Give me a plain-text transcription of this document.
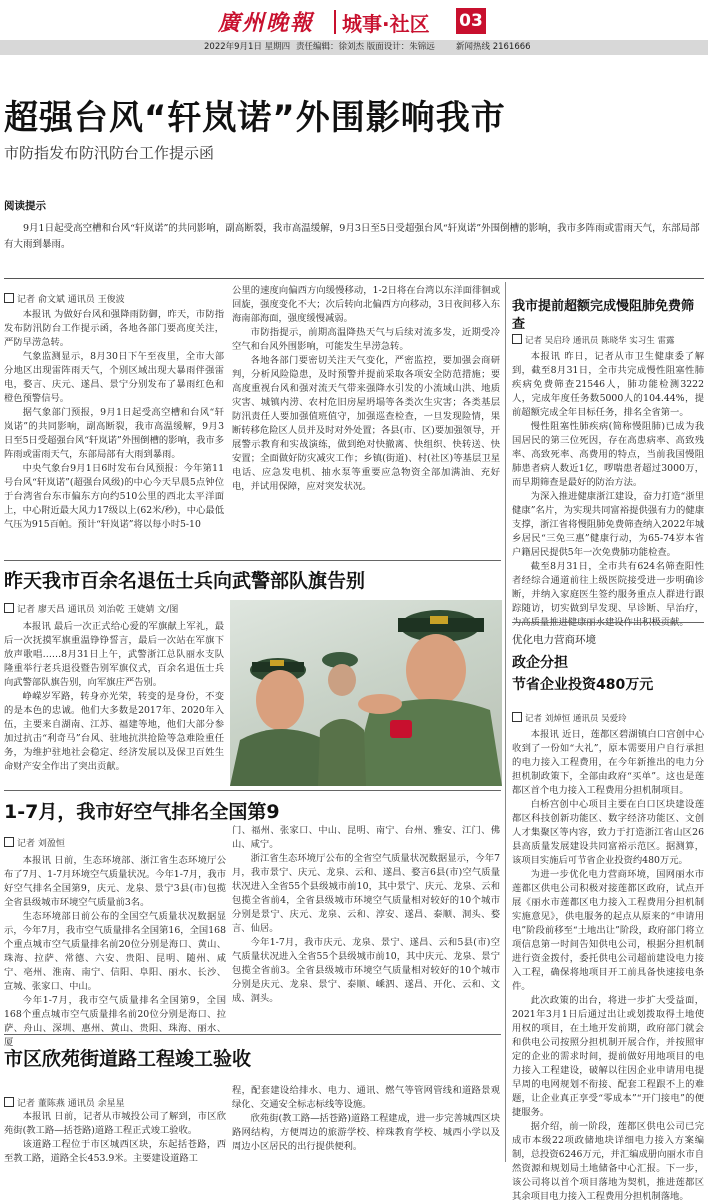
廣州晚報 城事·社区 03
2022年9月1日 星期四 责任编辑：徐刘杰 版面设计：朱锦远	新闻热线 2161666
超强台风“轩岚诺”外围影响我市
市防指发布防汛防台工作提示函
阅读提示
9月1日起受高空槽和台风“轩岚诺”的共同影响，副高断裂，我市高温缓解，9月3日至5日受超强台风“轩岚诺”外围倒槽的影响，我市多阵雨或雷雨天气，东部局部有大雨到暴雨。
记者 俞文斌 通讯员 王俊波

本报讯 为做好台风和强降雨防御，昨天，市防指发布防汛防台工作提示函，各地各部门要高度关注，严防早涝急转。

气象监测显示，8月30日下午至夜里，全市大部分地区出现雷阵雨天气，个别区域出现大暴雨伴强雷电，婺言、庆元、遂昌、景宁分别发布了暴雨红色和橙色预警信号。

据气象部门预报，9月1日起受高空槽和台风“轩岚诺”的共同影响，副高断裂，我市高温缓解，9月3日至5日受超强台风“轩岚诺”外围倒槽的影响，我市多阵雨或雷雨天气，东部局部有大雨到暴雨。

中央气象台9月1日6时发布台风预报：今年第11号台风“轩岚诺”(超强台风级)的中心今天早晨5点钟位于台湾省台东市偏东方向约510公里的西北太平洋面上，中心附近最大风力17级以上(62米/秒)，中心最低气压为915百帕。预计“轩岚诺”将以每小时5-10

公里的速度向偏西方向缓慢移动，1-2日将在台湾以东洋面徘徊或回旋，强度变化不大；次后转向北偏西方向移动，3日夜间移入东海南部海面，强度缓慢减弱。

市防指提示，前期高温降热天气与后续对流多发，近期受冷空气和台风外围影响，可能发生旱涝急转。

各地各部门要密切关注天气变化，严密监控，要加强会商研判，分析风险隐患，及时预警并提前采取各项安全防范措施；要高度重视台风和强对流天气带来强降水引发的小流域山洪、地质灾害、城镇内涝、农村危旧房屋坍塌等各类次生灾害；各类基层防汛责任人要加强值班值守，加强巡查检查，一旦发现险情，果断转移危险区人员并及时对外处置；各县(市、区)要加强领导，开展警示教育和实战演练，做到绝对快撤离、快组织、快转送、快安置；全面做好防灾减灾工作；乡镇(街道)、村(社区)等基层卫星电话、应急发电机、抽水泵等重要应急物资全部加满油、充好电，并试用保障，应对突发状况。

昨天我市百余名退伍士兵向武警部队旗告别
记者 廖天昌 通讯员 刘治乾 王婕婧 文/图

本报讯 最后一次正式给心爱的军旗献上军礼，最后一次抚摸军旗重温铮铮誓言，最后一次站在军旗下放声歌唱……8月31日上午，武警浙江总队丽水支队隆重举行老兵退役暨告别军旗仪式，百余名退伍士兵向武警部队旗告别，向军旗庄严告别。

峥嵘岁军路，转身亦光荣，转变的是身份，不变的是本色的忠诚。他们大多数是2017年、2020年入伍，主要来自湖南、江苏、福建等地，他们大部分参加过抗击“利奇马”台风、驻地抗洪抢险等急难险重任务，为维护驻地社会稳定、经济发展以及保卫百姓生命财产安全作出了突出贡献。

1-7月，我市好空气排名全国第9
记者 刘盈恒

本报讯 日前，生态环境部、浙江省生态环境厅公布了7月、1-7月环境空气质量状况。今年1-7月，我市好空气排名全国第9，庆元、龙泉、景宁3县(市)包揽全省县级城市环境空气质量前3名。

生态环境部日前公布的全国空气质量状况数据显示，今年7月，我市空气质量排名全国第16，全国168个重点城市空气质量排名前20位分别是海口、黄山、珠海、拉萨、常德、六安、贵阳、昆明、随州、咸宁、亳州、淮南、南宁、信阳、阜阳、丽水、长沙、宣城、张家口、中山。

今年1-7月，我市空气质量排名全国第9，全国168个重点城市空气质量排名前20位分别是海口、拉萨、舟山、深圳、惠州、黄山、贵阳、珠海、丽水、厦

门、福州、张家口、中山、昆明、南宁、台州、雅安、江门、佛山、咸宁。

浙江省生态环境厅公布的全省空气质量状况数据显示，今年7月，我市景宁、庆元、龙泉、云和、遂昌、婺言6县(市)空气质量状况进入全省55个县级城市前10，其中景宁、庆元、龙泉、云和包揽全省前4，全省县级城市环境空气质量相对较好的10个城市分别是景宁、庆元、龙泉、云和、淳安、遂昌、泰顺、洞头、婺言、仙居。

今年1-7月，我市庆元、龙泉、景宁、遂昌、云和5县(市)空气质量状况进入全省55个县级城市前10，其中庆元、龙泉、景宁包揽全省前3。全省县级城市环境空气质量相对较好的10个城市分别是庆元、龙泉、景宁、泰顺、嵊泗、遂昌、开化、云和、文成、洞头。

市区欣苑街道路工程竣工验收
记者 董陈燕 通讯员 余星星

本报讯 日前，记者从市城投公司了解到，市区欣苑街(教工路—括苍路)道路工程正式竣工验收。

该道路工程位于市区城西区块，东起括苍路，西至教工路，道路全长453.9米。主要建设道路工

程，配套建设给排水、电力、通讯、燃气等管网管线和道路景观绿化、交通安全标志标线等设施。

欣苑街(教工路—括苍路)道路工程建成，进一步完善城西区块路网结构，方便周边的旅游学校、梓珠教育学校、城西小学以及周边小区居民的出行提供便利。

我市提前超额完成慢阻肺免费筛查
记者 吴启玲 通讯员 陈晓华 实习生 雷露

本报讯 昨日，记者从市卫生健康委了解到，截至8月31日，全市共完成慢性阻塞性肺疾病免费筛查21546人，肺功能检测3222人，完成年度任务数5000人的104.44%，提前超额完成全年目标任务，排名全省第一。

慢性阻塞性肺疾病(简称慢阻肺)已成为我国居民的第三位死因，存在高患病率、高致残率、高致死率、高费用的特点，当前我国慢阻肺患者病人数近1亿，啰喘患者超过3000万，而早期筛查是最好的防治方法。

为深入推进健康浙江建设，奋力打造“浙里健康”名片，为实现共同富裕提供强有力的健康支撑，浙江省将慢阻肺免费筛查纳入2022年城乡居民“三免三惠”健康行动，为65-74岁本省户籍居民提供5年一次免费肺功能检查。

截至8月31日，全市共有624名筛查阳性者经综合通道前往上级医院接受进一步明确诊断，并纳入家庭医生签约服务重点人群进行跟踪随访，切实做到早发现、早诊断、早治疗，

优化电力营商环境
政企分担
节省企业投资480万元
记者 刘焯恒 通讯员 吴爱玲

本报讯 近日，莲都区碧湖镇白口宫创中心收到了一份如“大礼”，原本需要用户自行承担的电力接入工程费用，在今年新推出的电力分担机制政策下，全部由政府“买单”。这也是莲都区首个电力接入工程费用分担机制项目。

白桥宫创中心项目主要在白口区块建设莲都区科技创新功能区、数字经济功能区、文创人才集聚区等内容，致力于打造浙江省山区26县高质量发展建设共同富裕示范区。据测算，该项目实施后可节省企业投资约480万元。

为进一步优化电力营商环境，国网丽水市莲都区供电公司积极对接莲都区政府，试点开展《丽水市莲都区电力接入工程费用分担机制实施意见》，供电服务的起点从原来的“申请用电”阶段前移至“土地出让”阶段，政府部门将立项信息第一时间告知供电公司，根据分担机制进行资金拨付，委托供电公司超前建设电力接入工程，确保将地项目开工前具备快速接电条件。

此次政策的出台，将进一步扩大受益面，2021年3月1日后通过出让或划拨取得土地使用权的项目，在土地开发前期，政府部门就会和供电公司按照分担机制开展合作，并按照审定的企业的需求时间，提前做好用地项目的电力接入工程建设，破解以往因企业申请用电提早周的电网规划不衔接、配套工程跟不上的难题，让企业真正享受“零成本”“开门接电”的便捷服务。

据介绍，前一阶段，莲都区供电公司已完成市本级22项政储地块详细电力接入方案编制，总投资6246万元，并汇编成册向丽水市自然资源和规划局土地储备中心汇报。下一步，该公司将以首个项目落地为契机，推进莲都区其余项目电力接入工程费用分担机制落地。
